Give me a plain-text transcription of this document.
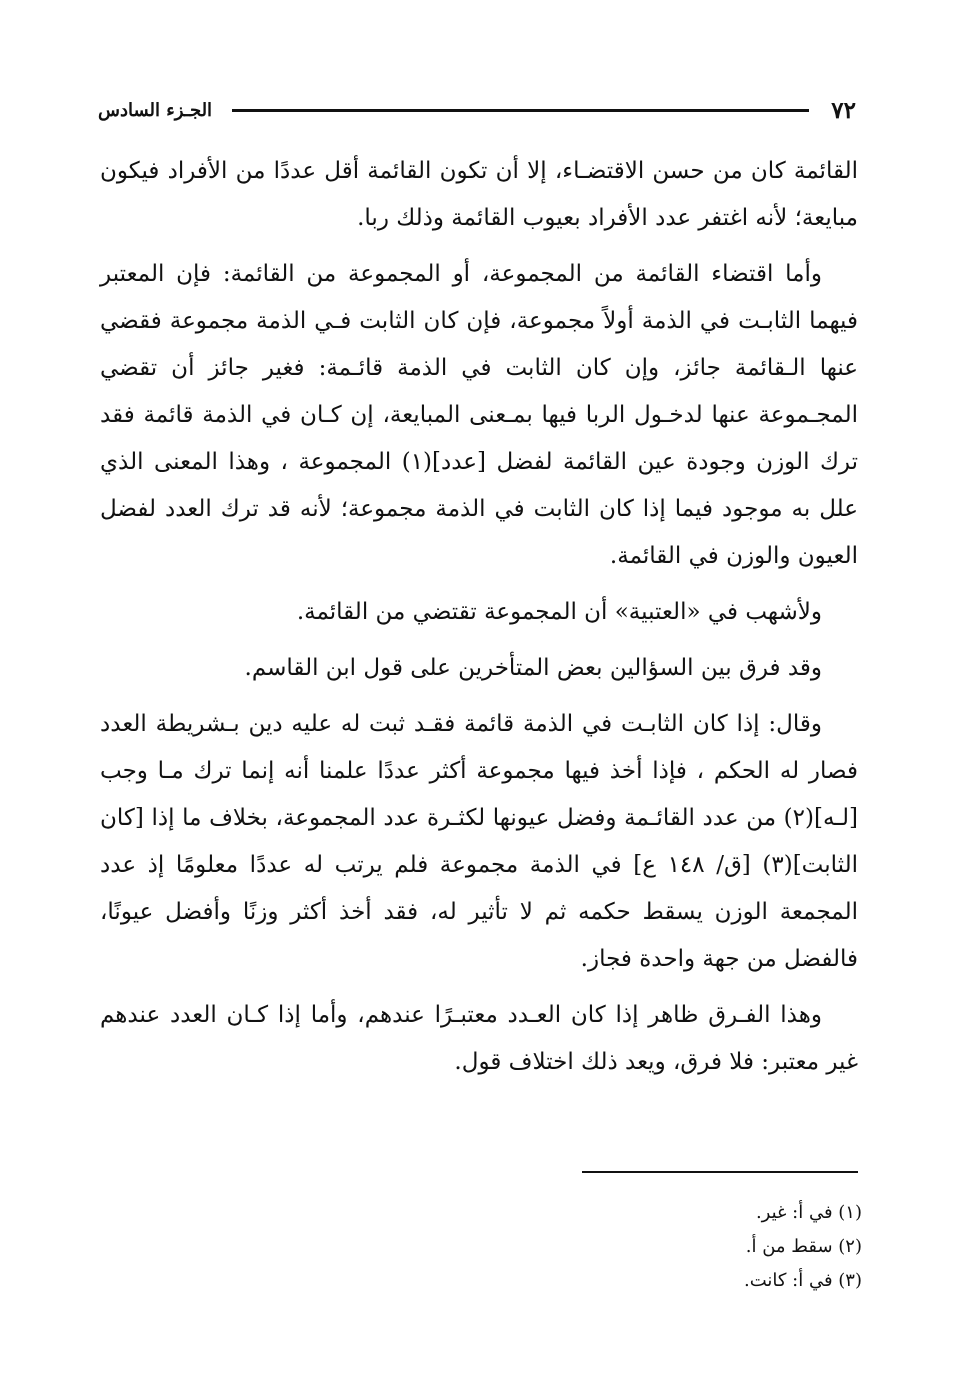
٧٢
الجـزء السادس

القائمة كان من حسن الاقتضـاء، إلا أن تكون القائمة أقل عددًا من الأفراد فيكون مبايعة؛ لأنه اغتفر عدد الأفراد بعيوب القائمة وذلك ربا.

وأما اقتضاء القائمة من المجموعة، أو المجموعة من القائمة: فإن المعتبر فيهما الثابـت في الذمة أولاً مجموعة، فإن كان الثابت فـي الذمة مجموعة فقضي عنها الـقائمة جائز، وإن كان الثابت في الذمة قائـمة: فغير جائز أن تقضي المجـموعة عنها لدخـول الربا فيها بمـعنى المبايعة، إن كـان في الذمة قائمة فقد ترك الوزن وجودة عين القائمة لفضل [عدد](١) المجموعة ، وهذا المعنى الذي علل به موجود فيما إذا كان الثابت في الذمة مجموعة؛ لأنه قد ترك العدد لفضل العيون والوزن في القائمة.

ولأشهب في «العتبية» أن المجموعة تقتضي من القائمة.

وقد فرق بين السؤالين بعض المتأخرين على قول ابن القاسم.

وقال: إذا كان الثابـت في الذمة قائمة فقـد ثبت له عليه دين بـشريطة العدد فصار له الحكم ، فإذا أخذ فيها مجموعة أكثر عددًا علمنا أنه إنما ترك مـا وجب [لـه](٢) من عدد القائـمة وفضل عيونها لكثـرة عدد المجموعة، بخلاف ما إذا [كان الثابت](٣) [ق/ ١٤٨ ع] في الذمة مجموعة فلم يرتب له عددًا معلومًا إذ عدد المجمعة الوزن يسقط حكمه ثم لا تأثير له، فقد أخذ أكثر وزنًا وأفضل عيونًا، فالفضل من جهة واحدة فجاز.

وهذا الفـرق ظاهر إذا كان العـدد معتبـرًا عندهم، وأما إذا كـان العدد عندهم غير معتبر: فلا فرق، ويعد ذلك اختلاف قول.

(١) في أ: غير.
(٢) سقط من أ.
(٣) في أ: كانت.
